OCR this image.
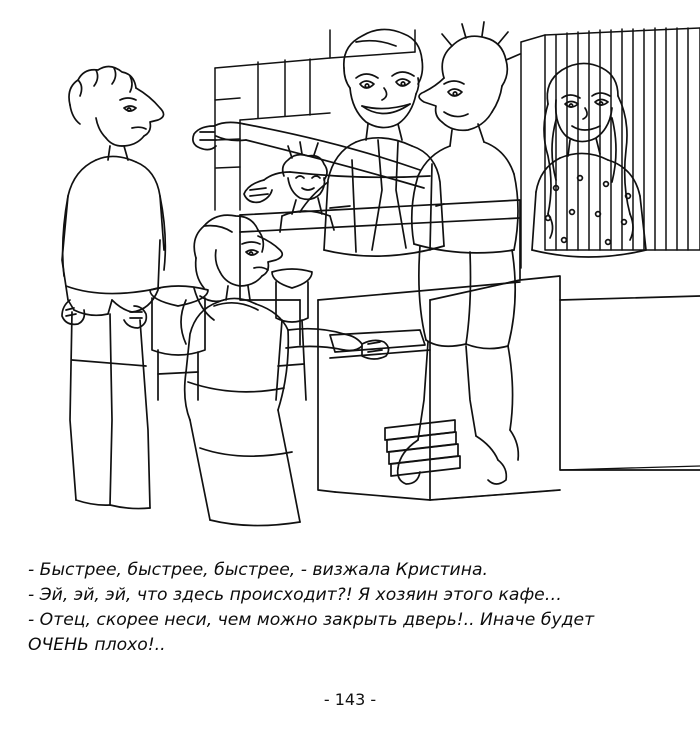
- Быстрее, быстрее, быстрее, - визжала Кристина.
- Эй, эй, эй, что здесь происходит?! Я хозяин этого кафе…
- Отец, скорее неси, чем можно закрыть дверь!.. Иначе будет
ОЧЕНЬ плохо!..
- 143 -
